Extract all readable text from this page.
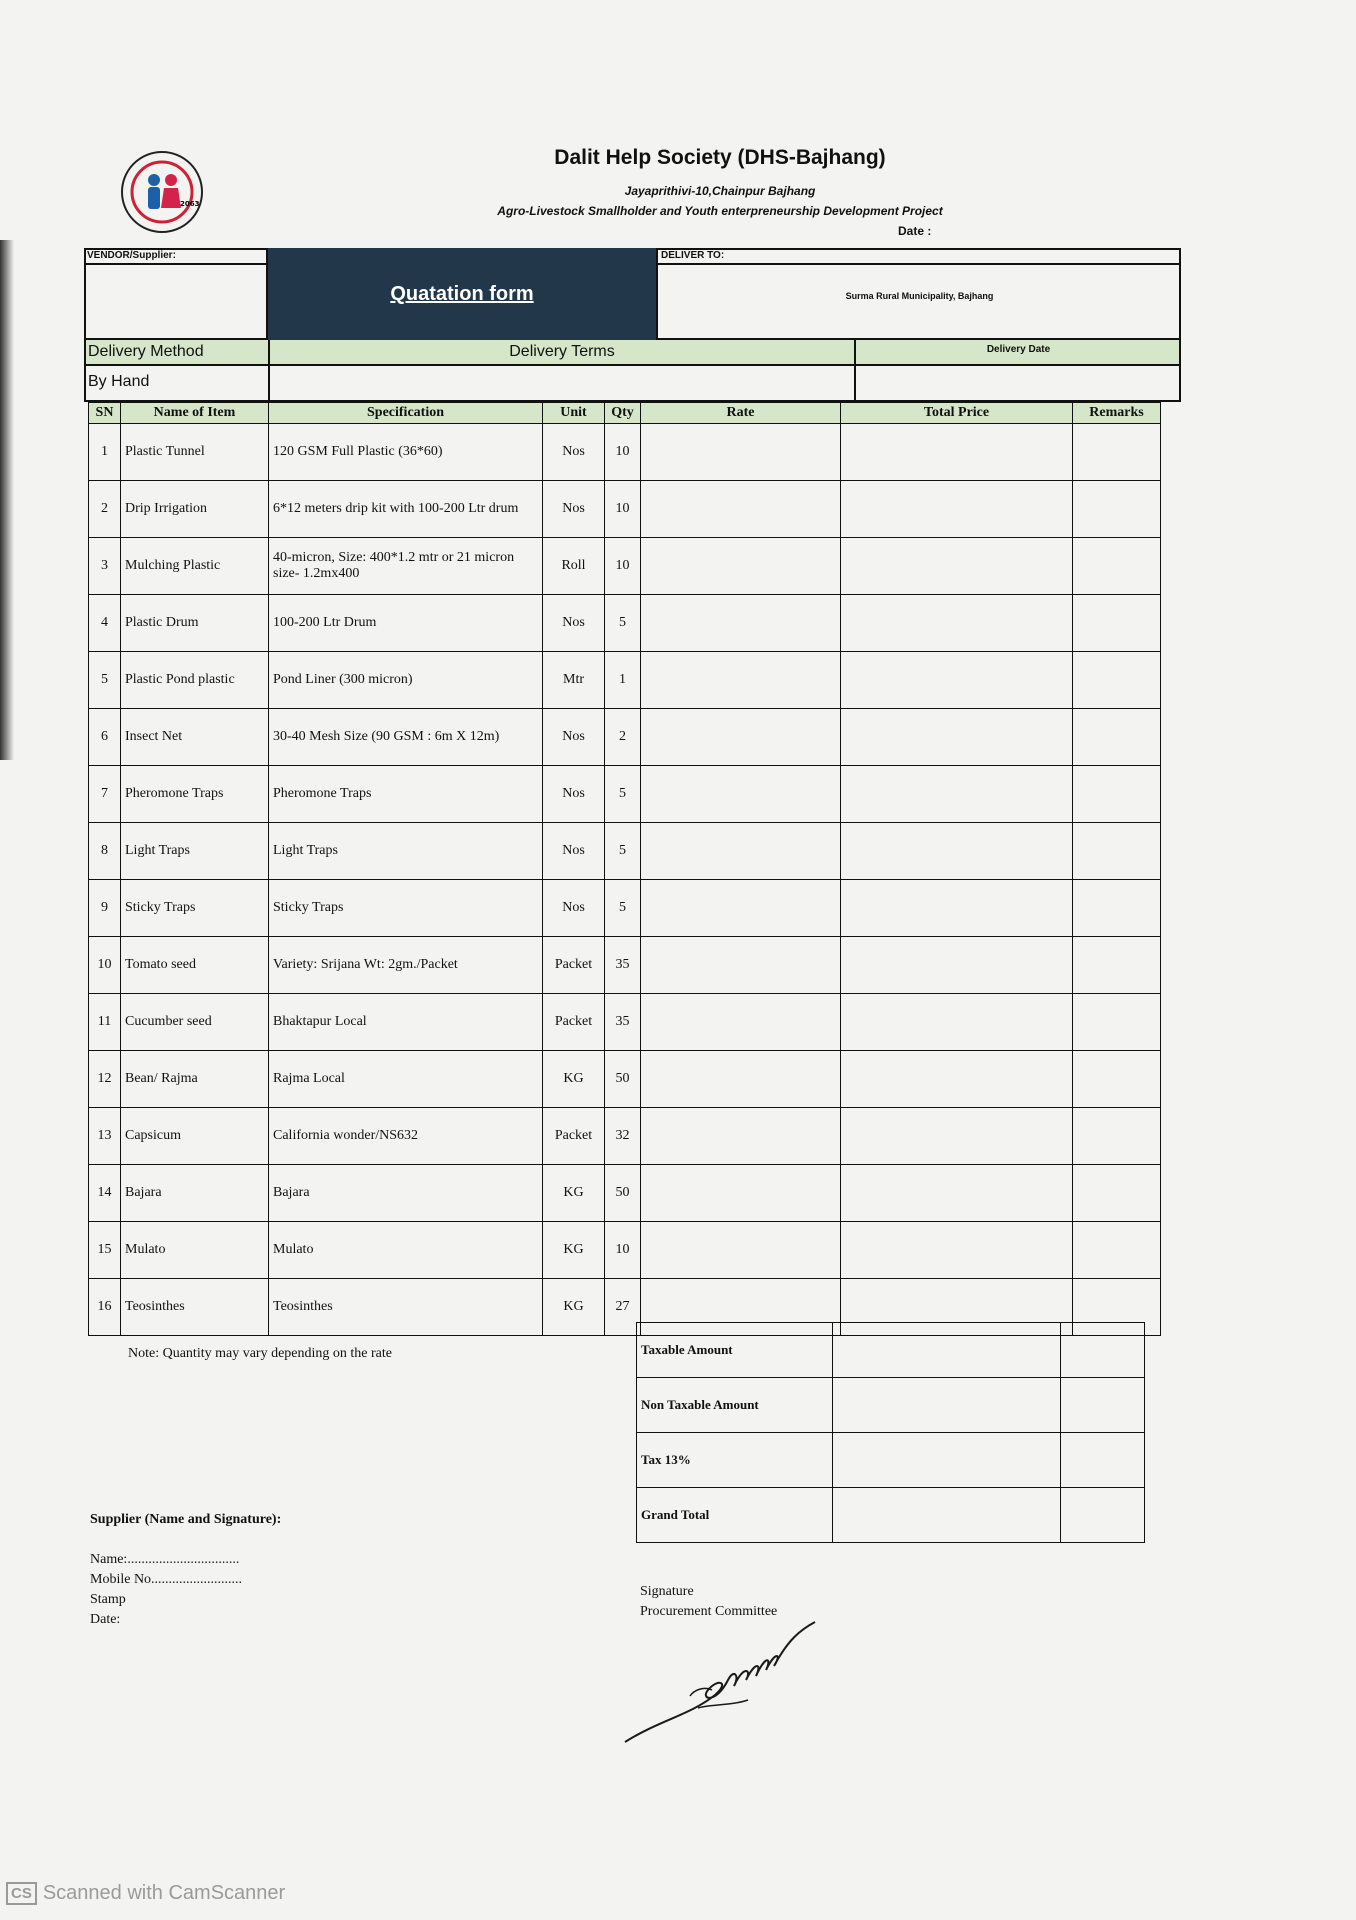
2063
Dalit Help Society (DHS-Bajhang)
Jayaprithivi-10,Chainpur Bajhang
Agro-Livestock Smallholder and Youth enterpreneurship Development Project
Date :
VENDOR/Supplier:
Quatation form
DELIVER TO:
Surma Rural Municipality, Bajhang
Delivery Method	Delivery Terms	Delivery Date
By Hand
SN	Name of Item	Specification	Unit	Qty	Rate	Total Price	Remarks
1	Plastic Tunnel	120 GSM Full Plastic (36*60)	Nos	10			
2	Drip Irrigation	6*12 meters drip kit with 100-200 Ltr drum	Nos	10			
3	Mulching Plastic	40-micron, Size: 400*1.2 mtr or 21 micron size- 1.2mx400	Roll	10			
4	Plastic Drum	100-200 Ltr Drum	Nos	5			
5	Plastic Pond plastic	Pond Liner (300 micron)	Mtr	1			
6	Insect Net	30-40 Mesh Size (90 GSM : 6m X 12m)	Nos	2			
7	Pheromone Traps	Pheromone Traps	Nos	5			
8	Light Traps	Light Traps	Nos	5			
9	Sticky Traps	Sticky Traps	Nos	5			
10	Tomato seed	Variety: Srijana Wt: 2gm./Packet	Packet	35			
11	Cucumber seed	Bhaktapur Local	Packet	35			
12	Bean/ Rajma	Rajma Local	KG	50			
13	Capsicum	California wonder/NS632	Packet	32			
14	Bajara	Bajara	KG	50			
15	Mulato	Mulato	KG	10			
16	Teosinthes	Teosinthes	KG	27			
Note: Quantity may vary depending on the rate	Taxable Amount		
Non Taxable Amount		
Tax 13%		
Grand Total		
Supplier (Name and Signature):
Name:................................
Mobile No..........................
Stamp
Date:
Signature
Procurement Committee
CS Scanned with CamScanner
